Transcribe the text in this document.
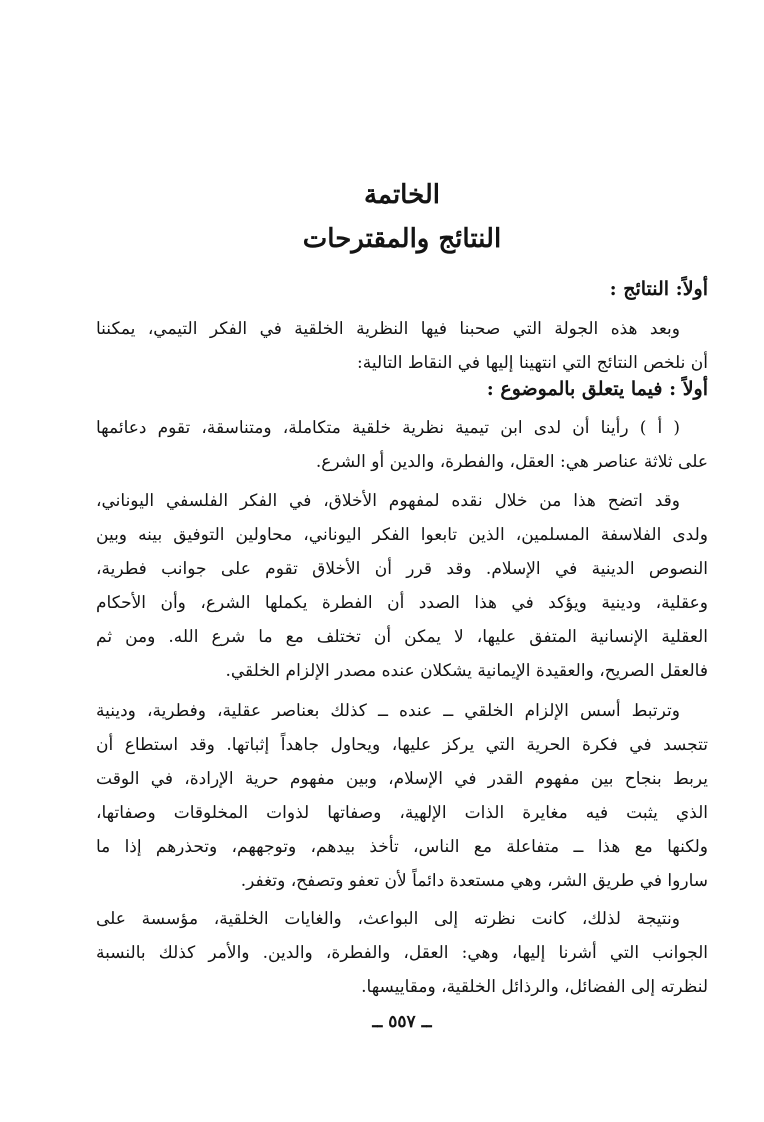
الخاتمة
النتائج والمقترحات
أولاً: النتائج :
وبعد هذه الجولة التي صحبنا فيها النظرية الخلقية في الفكر التيمي، يمكننا
أن نلخص النتائج التي انتهينا إليها في النقاط التالية:
أولاً : فيما يتعلق بالموضوع :
( أ ) رأينا أن لدى ابن تيمية نظرية خلقية متكاملة، ومتناسقة، تقوم دعائمها
على ثلاثة عناصر هي: العقل، والفطرة، والدين أو الشرع.
وقد اتضح هذا من خلال نقده لمفهوم الأخلاق، في الفكر الفلسفي اليوناني،
ولدى الفلاسفة المسلمين، الذين تابعوا الفكر اليوناني، محاولين التوفيق بينه وبين
النصوص الدينية في الإسلام. وقد قرر أن الأخلاق تقوم على جوانب فطرية،
وعقلية، ودينية ويؤكد في هذا الصدد أن الفطرة يكملها الشرع، وأن الأحكام
العقلية الإنسانية المتفق عليها، لا يمكن أن تختلف مع ما شرع الله. ومن ثم
فالعقل الصريح، والعقيدة الإيمانية يشكلان عنده مصدر الإلزام الخلقي.
وترتبط أسس الإلزام الخلقي ــ عنده ــ كذلك بعناصر عقلية، وفطرية، ودينية
تتجسد في فكرة الحرية التي يركز عليها، ويحاول جاهداً إثباتها. وقد استطاع أن
يربط بنجاح بين مفهوم القدر في الإسلام، وبين مفهوم حرية الإرادة، في الوقت
الذي يثبت فيه مغايرة الذات الإلهية، وصفاتها لذوات المخلوقات وصفاتها،
ولكنها مع هذا ــ متفاعلة مع الناس، تأخذ بيدهم، وتوجههم، وتحذرهم إذا ما
ساروا في طريق الشر، وهي مستعدة دائماً لأن تعفو وتصفح، وتغفر.
ونتيجة لذلك، كانت نظرته إلى البواعث، والغايات الخلقية، مؤسسة على
الجوانب التي أشرنا إليها، وهي: العقل، والفطرة، والدين. والأمر كذلك بالنسبة
لنظرته إلى الفضائل، والرذائل الخلقية، ومقاييسها.
ــ ٥٥٧ ــ
